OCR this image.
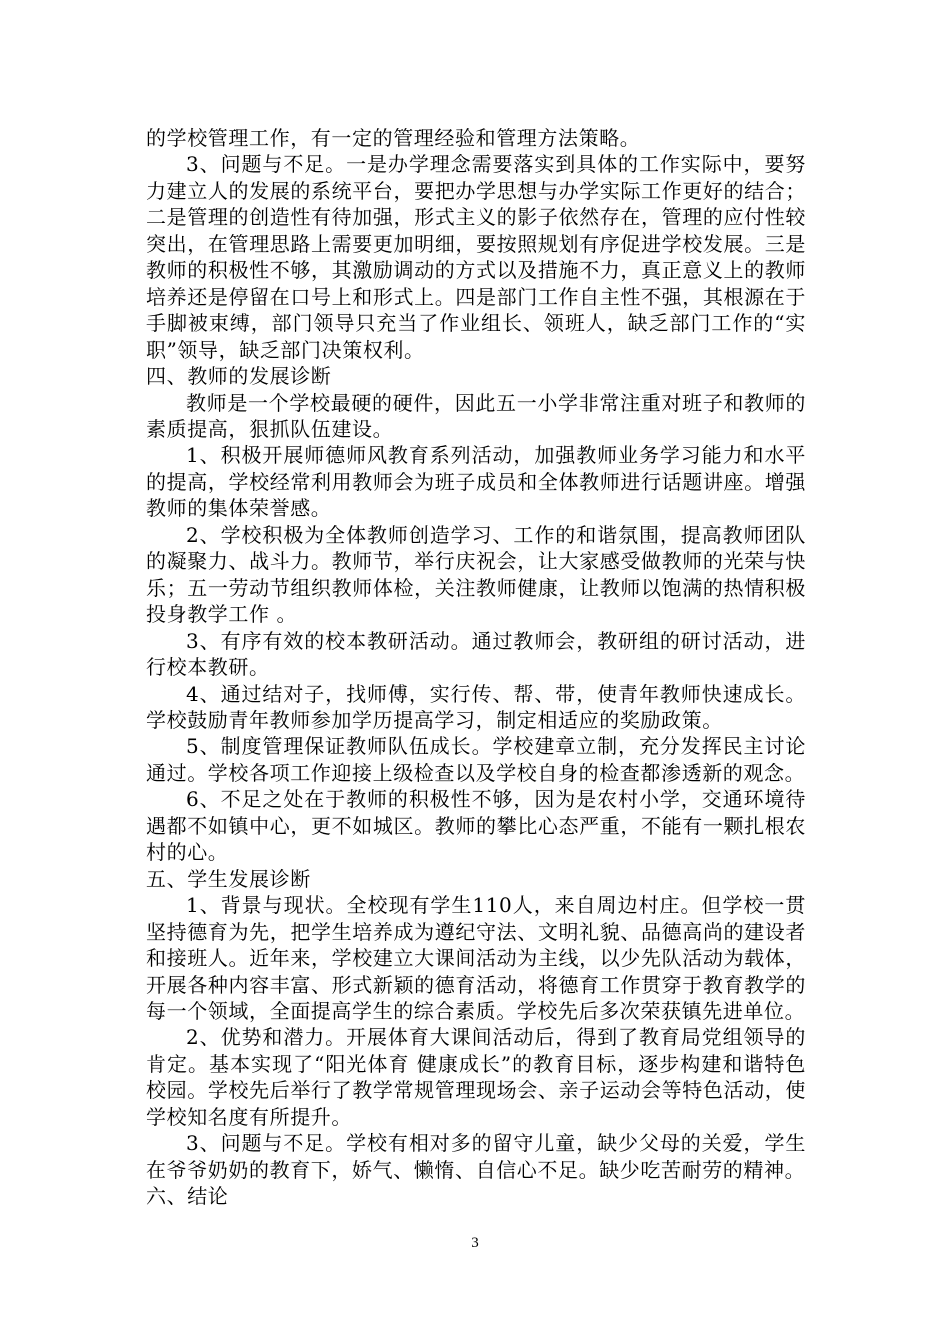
的学校管理工作，有一定的管理经验和管理方法策略。

3、问题与不足。一是办学理念需要落实到具体的工作实际中，要努力建立人的发展的系统平台，要把办学思想与办学实际工作更好的结合；二是管理的创造性有待加强，形式主义的影子依然存在，管理的应付性较突出，在管理思路上需要更加明细，要按照规划有序促进学校发展。三是教师的积极性不够，其激励调动的方式以及措施不力，真正意义上的教师培养还是停留在口号上和形式上。四是部门工作自主性不强，其根源在于手脚被束缚，部门领导只充当了作业组长、领班人，缺乏部门工作的“实职”领导，缺乏部门决策权利。

四、教师的发展诊断

教师是一个学校最硬的硬件，因此五一小学非常注重对班子和教师的素质提高，狠抓队伍建设。

1、积极开展师德师风教育系列活动，加强教师业务学习能力和水平的提高，学校经常利用教师会为班子成员和全体教师进行话题讲座。增强教师的集体荣誉感。

2、学校积极为全体教师创造学习、工作的和谐氛围，提高教师团队的凝聚力、战斗力。教师节，举行庆祝会，让大家感受做教师的光荣与快乐；五一劳动节组织教师体检，关注教师健康，让教师以饱满的热情积极投身教学工作 。

3、有序有效的校本教研活动。通过教师会，教研组的研讨活动，进行校本教研。

4、通过结对子，找师傅，实行传、帮、带，使青年教师快速成长。学校鼓励青年教师参加学历提高学习，制定相适应的奖励政策。

5、制度管理保证教师队伍成长。学校建章立制，充分发挥民主讨论通过。学校各项工作迎接上级检查以及学校自身的检查都渗透新的观念。

6、不足之处在于教师的积极性不够，因为是农村小学，交通环境待遇都不如镇中心，更不如城区。教师的攀比心态严重，不能有一颗扎根农村的心。

五、学生发展诊断

1、背景与现状。全校现有学生110人，来自周边村庄。但学校一贯坚持德育为先，把学生培养成为遵纪守法、文明礼貌、品德高尚的建设者和接班人。近年来，学校建立大课间活动为主线，以少先队活动为载体，开展各种内容丰富、形式新颖的德育活动，将德育工作贯穿于教育教学的每一个领域，全面提高学生的综合素质。学校先后多次荣获镇先进单位。

2、优势和潜力。开展体育大课间活动后，得到了教育局党组领导的肯定。基本实现了“阳光体育 健康成长”的教育目标，逐步构建和谐特色校园。学校先后举行了教学常规管理现场会、亲子运动会等特色活动，使学校知名度有所提升。

3、问题与不足。学校有相对多的留守儿童，缺少父母的关爱，学生在爷爷奶奶的教育下，娇气、懒惰、自信心不足。缺少吃苦耐劳的精神。

六、结论

3
